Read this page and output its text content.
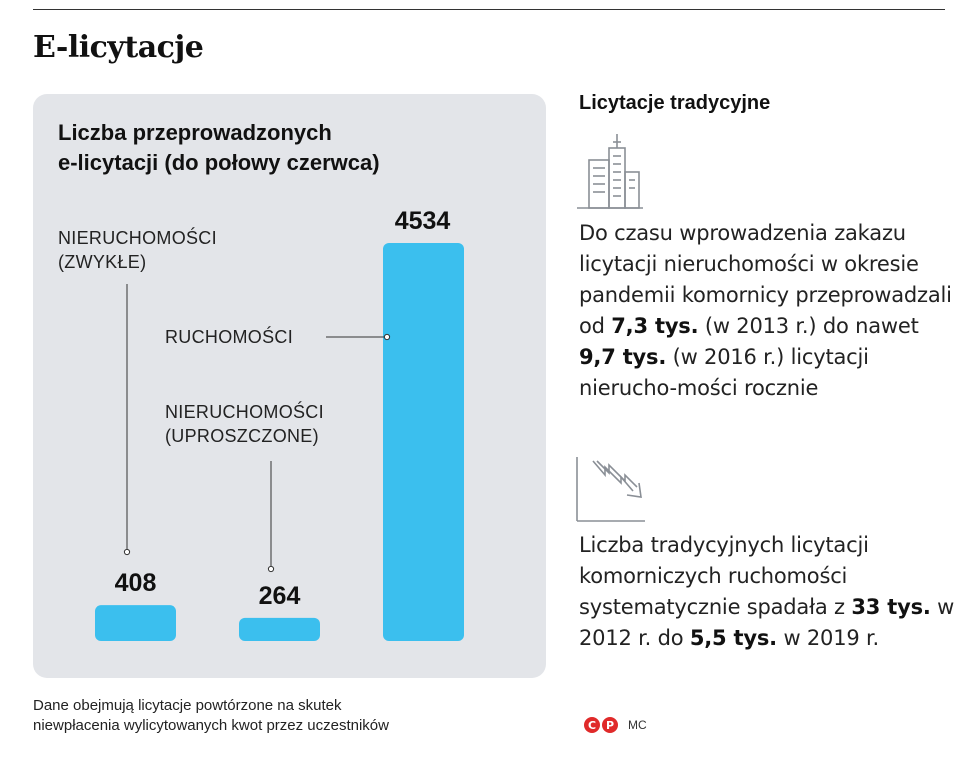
E-licytacje
Liczba przeprowadzonych
e-licytacji (do połowy czerwca)
NIERUCHOMOŚCI
(ZWYKŁE)
RUCHOMOŚCI
NIERUCHOMOŚCI
(UPROSZCZONE)
408	264
4534
Dane obejmują licytacje powtórzone na skutek
niewpłacenia wylicytowanych kwot przez uczestników
Licytacje tradycyjne
Do czasu wprowadzenia zakazu licytacji nieruchomości w okresie pandemii komornicy przeprowadzali od 7,3 tys. (w 2013 r.) do nawet 9,7 tys. (w 2016 r.) licytacji nierucho-mości rocznie
Liczba tradycyjnych licytacji komorniczych ruchomości systematycznie spadała z 33 tys. w 2012 r. do 5,5 tys. w 2019 r.
C P	MC
